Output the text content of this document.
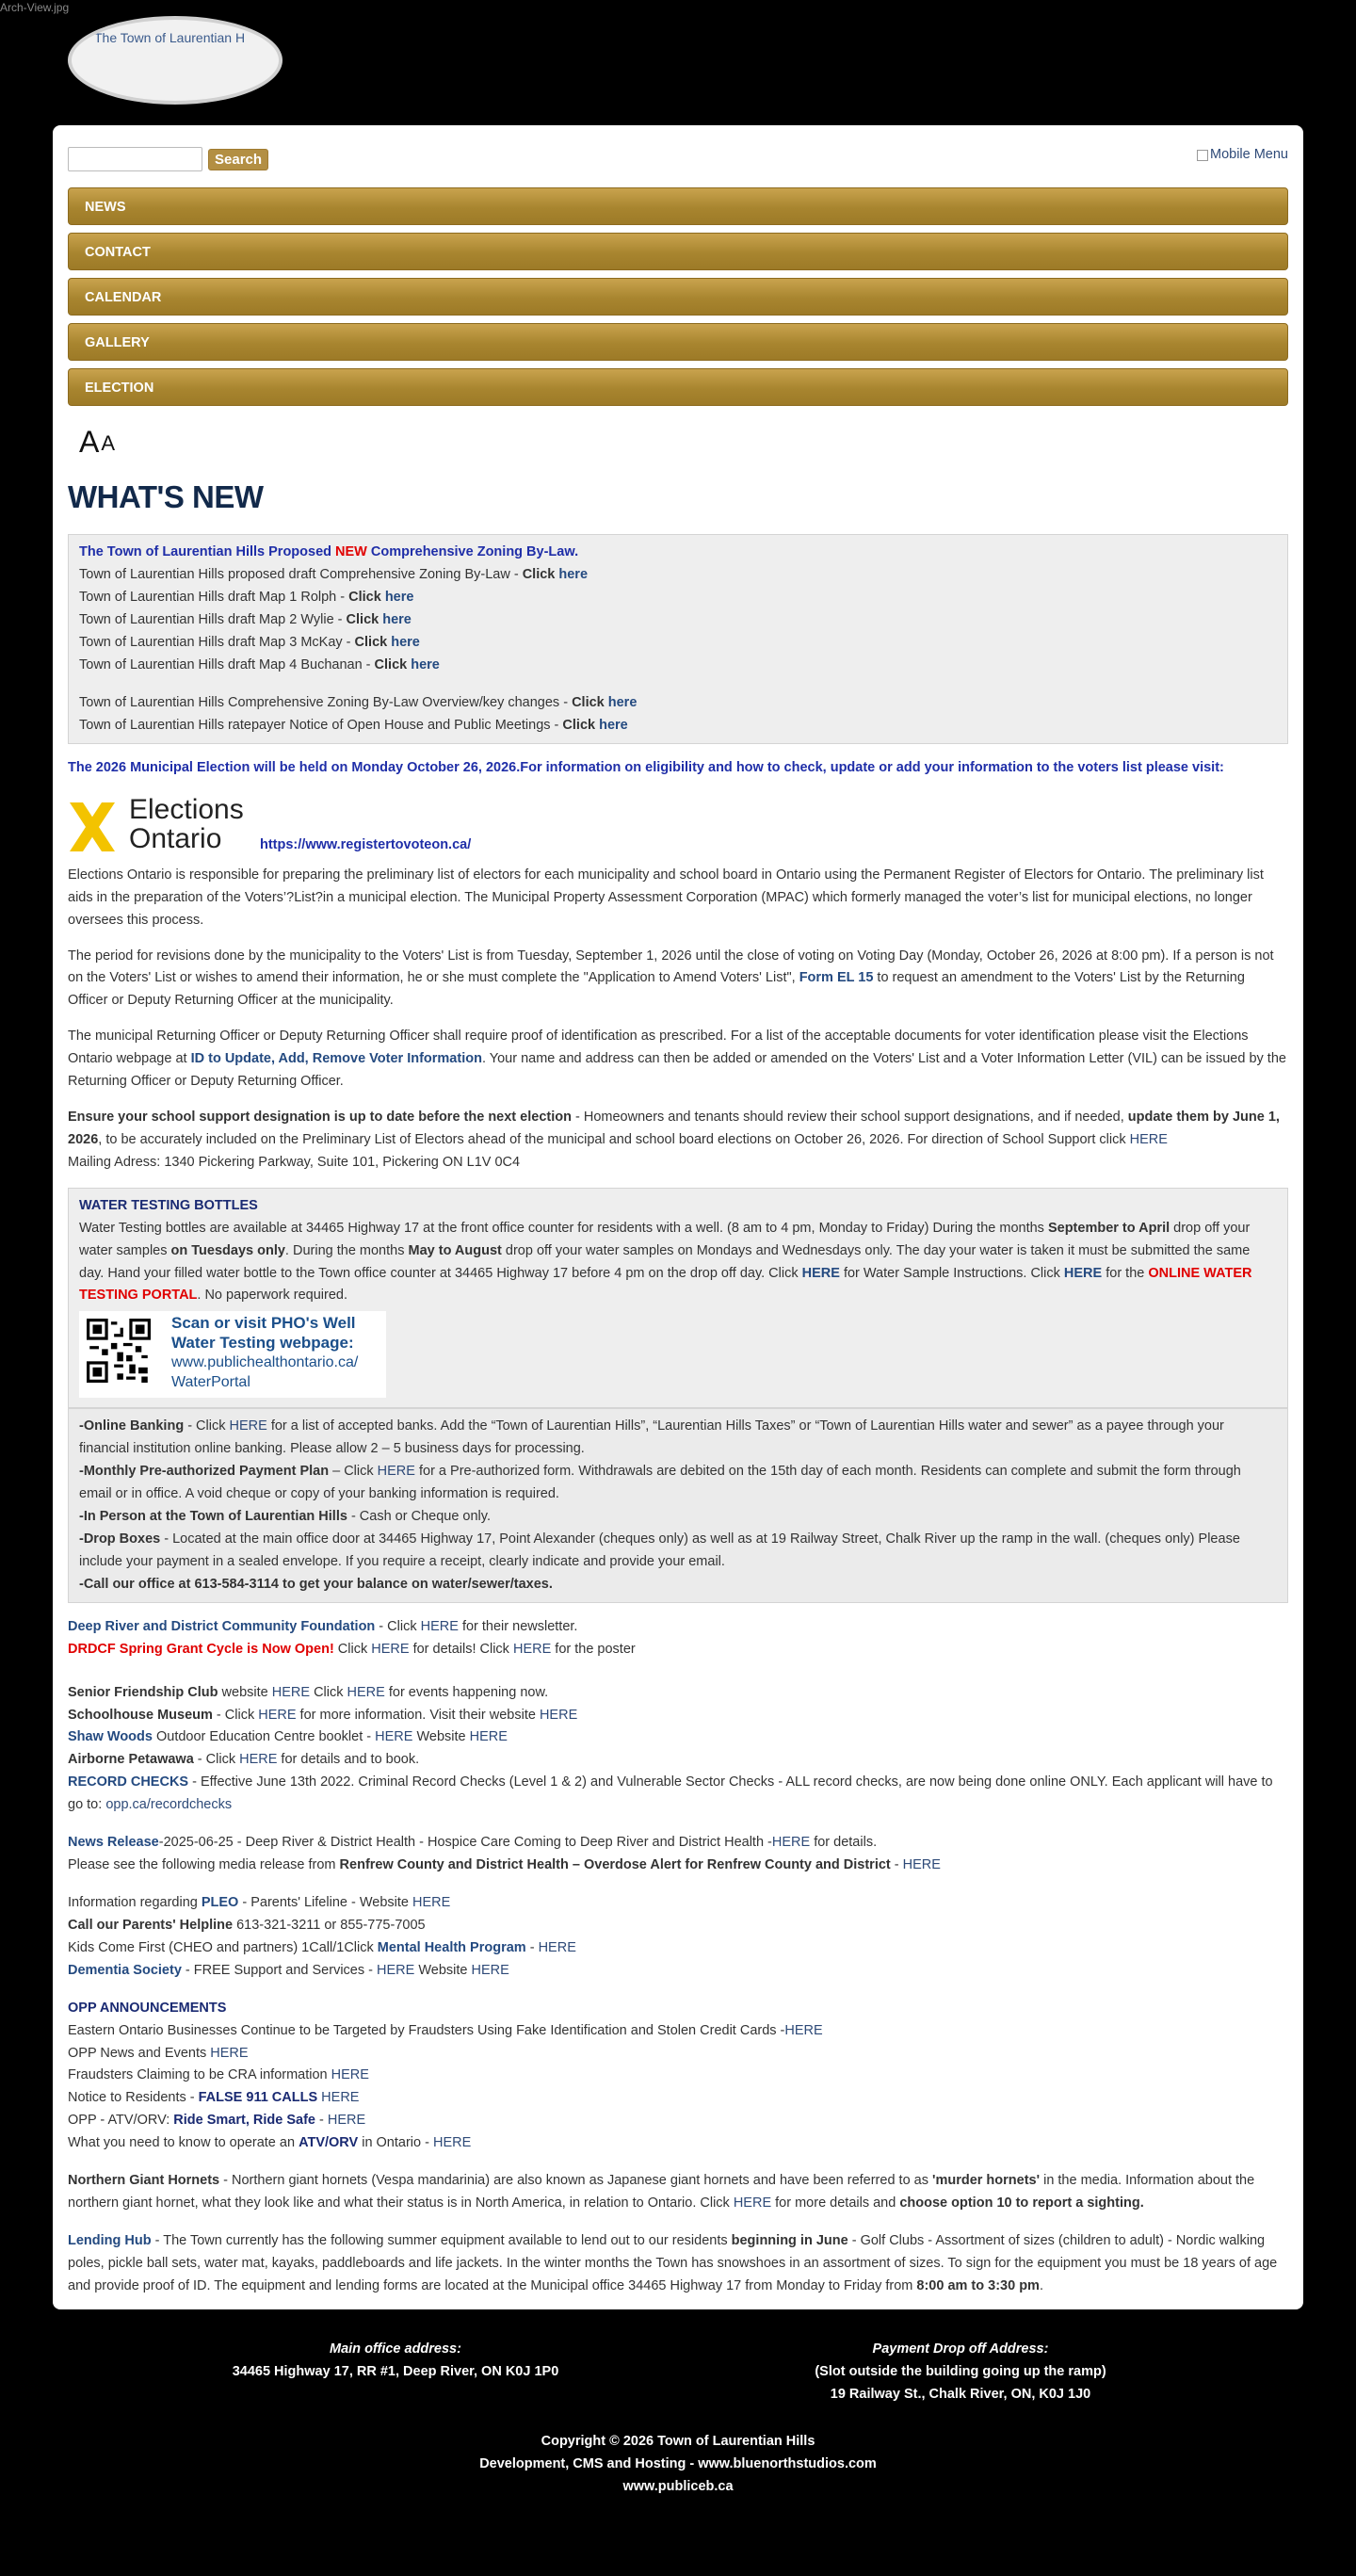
Arch-View.jpg
The Town of Laurentian H
Search	Mobile Menu
NEWS
CONTACT
CALENDAR
GALLERY
ELECTION
A A
WHAT'S NEW
The Town of Laurentian Hills Proposed NEW Comprehensive Zoning By-Law.
Town of Laurentian Hills proposed draft Comprehensive Zoning By-Law - Click here
Town of Laurentian Hills draft Map 1 Rolph - Click here
Town of Laurentian Hills draft Map 2 Wylie - Click here
Town of Laurentian Hills draft Map 3 McKay - Click here
Town of Laurentian Hills draft Map 4 Buchanan - Click here
Town of Laurentian Hills Comprehensive Zoning By-Law Overview/key changes - Click here
Town of Laurentian Hills ratepayer Notice of Open House and Public Meetings - Click here
The 2026 Municipal Election will be held on Monday October 26, 2026.For information on eligibility and how to check, update or add your information to the voters list please visit:
Elections
Ontario	https://www.registertovoteon.ca/

Elections Ontario is responsible for preparing the preliminary list of electors for each municipality and school board in Ontario using the Permanent Register of Electors for Ontario. The preliminary list aids in the preparation of the Voters’?List?in a municipal election. The Municipal Property Assessment Corporation (MPAC) which formerly managed the voter’s list for municipal elections, no longer oversees this process.

The period for revisions done by the municipality to the Voters' List is from Tuesday, September 1, 2026 until the close of voting on Voting Day (Monday, October 26, 2026 at 8:00 pm). If a person is not on the Voters' List or wishes to amend their information, he or she must complete the "Application to Amend Voters' List", Form EL 15 to request an amendment to the Voters' List by the Returning Officer or Deputy Returning Officer at the municipality.

The municipal Returning Officer or Deputy Returning Officer shall require proof of identification as prescribed. For a list of the acceptable documents for voter identification please visit the Elections Ontario webpage at ID to Update, Add, Remove Voter Information. Your name and address can then be added or amended on the Voters' List and a Voter Information Letter (VIL) can be issued by the Returning Officer or Deputy Returning Officer.

Ensure your school support designation is up to date before the next election - Homeowners and tenants should review their school support designations, and if needed, update them by June 1, 2026, to be accurately included on the Preliminary List of Electors ahead of the municipal and school board elections on October 26, 2026. For direction of School Support click HERE
Mailing Adress: 1340 Pickering Parkway, Suite 101, Pickering ON L1V 0C4
WATER TESTING BOTTLES
Water Testing bottles are available at 34465 Highway 17 at the front office counter for residents with a well. (8 am to 4 pm, Monday to Friday) During the months September to April drop off your water samples on Tuesdays only. During the months May to August drop off your water samples on Mondays and Wednesdays only. The day your water is taken it must be submitted the same day. Hand your filled water bottle to the Town office counter at 34465 Highway 17 before 4 pm on the drop off day. Click HERE for Water Sample Instructions. Click HERE for the ONLINE WATER TESTING PORTAL. No paperwork required.
Scan or visit PHO's Well
Water Testing webpage:
www.publichealthontario.ca/
WaterPortal
-Online Banking - Click HERE for a list of accepted banks. Add the “Town of Laurentian Hills”, “Laurentian Hills Taxes” or “Town of Laurentian Hills water and sewer” as a payee through your financial institution online banking. Please allow 2 – 5 business days for processing.
-Monthly Pre-authorized Payment Plan – Click HERE for a Pre-authorized form. Withdrawals are debited on the 15th day of each month. Residents can complete and submit the form through email or in office. A void cheque or copy of your banking information is required.
-In Person at the Town of Laurentian Hills - Cash or Cheque only.
-Drop Boxes - Located at the main office door at 34465 Highway 17, Point Alexander (cheques only) as well as at 19 Railway Street, Chalk River up the ramp in the wall. (cheques only) Please include your payment in a sealed envelope. If you require a receipt, clearly indicate and provide your email.
-Call our office at 613-584-3114 to get your balance on water/sewer/taxes.
Deep River and District Community Foundation - Click HERE for their newsletter.
DRDCF Spring Grant Cycle is Now Open! Click HERE for details! Click HERE for the poster
Senior Friendship Club website HERE Click HERE for events happening now.
Schoolhouse Museum - Click HERE for more information. Visit their website HERE
Shaw Woods Outdoor Education Centre booklet - HERE Website HERE
Airborne Petawawa - Click HERE for details and to book.
RECORD CHECKS - Effective June 13th 2022. Criminal Record Checks (Level 1 & 2) and Vulnerable Sector Checks - ALL record checks, are now being done online ONLY. Each applicant will have to go to: opp.ca/recordchecks
News Release-2025-06-25 - Deep River & District Health - Hospice Care Coming to Deep River and District Health -HERE for details.
Please see the following media release from Renfrew County and District Health – Overdose Alert for Renfrew County and District - HERE
Information regarding PLEO - Parents' Lifeline - Website HERE
Call our Parents' Helpline 613-321-3211 or 855-775-7005
Kids Come First (CHEO and partners) 1Call/1Click Mental Health Program - HERE
Dementia Society - FREE Support and Services - HERE Website HERE
OPP ANNOUNCEMENTS
Eastern Ontario Businesses Continue to be Targeted by Fraudsters Using Fake Identification and Stolen Credit Cards -HERE
OPP News and Events HERE
Fraudsters Claiming to be CRA information HERE
Notice to Residents - FALSE 911 CALLS HERE
OPP - ATV/ORV: Ride Smart, Ride Safe - HERE
What you need to know to operate an ATV/ORV in Ontario - HERE
Northern Giant Hornets - Northern giant hornets (Vespa mandarinia) are also known as Japanese giant hornets and have been referred to as 'murder hornets' in the media. Information about the northern giant hornet, what they look like and what their status is in North America, in relation to Ontario. Click HERE for more details and choose option 10 to report a sighting.
Lending Hub - The Town currently has the following summer equipment available to lend out to our residents beginning in June - Golf Clubs - Assortment of sizes (children to adult) - Nordic walking poles, pickle ball sets, water mat, kayaks, paddleboards and life jackets. In the winter months the Town has snowshoes in an assortment of sizes. To sign for the equipment you must be 18 years of age and provide proof of ID. The equipment and lending forms are located at the Municipal office 34465 Highway 17 from Monday to Friday from 8:00 am to 3:30 pm.
Main office address:
34465 Highway 17, RR #1, Deep River, ON K0J 1P0
Payment Drop off Address:
(Slot outside the building going up the ramp)
19 Railway St., Chalk River, ON, K0J 1J0
Copyright © 2026 Town of Laurentian Hills
Development, CMS and Hosting - www.bluenorthstudios.com
www.publiceb.ca
